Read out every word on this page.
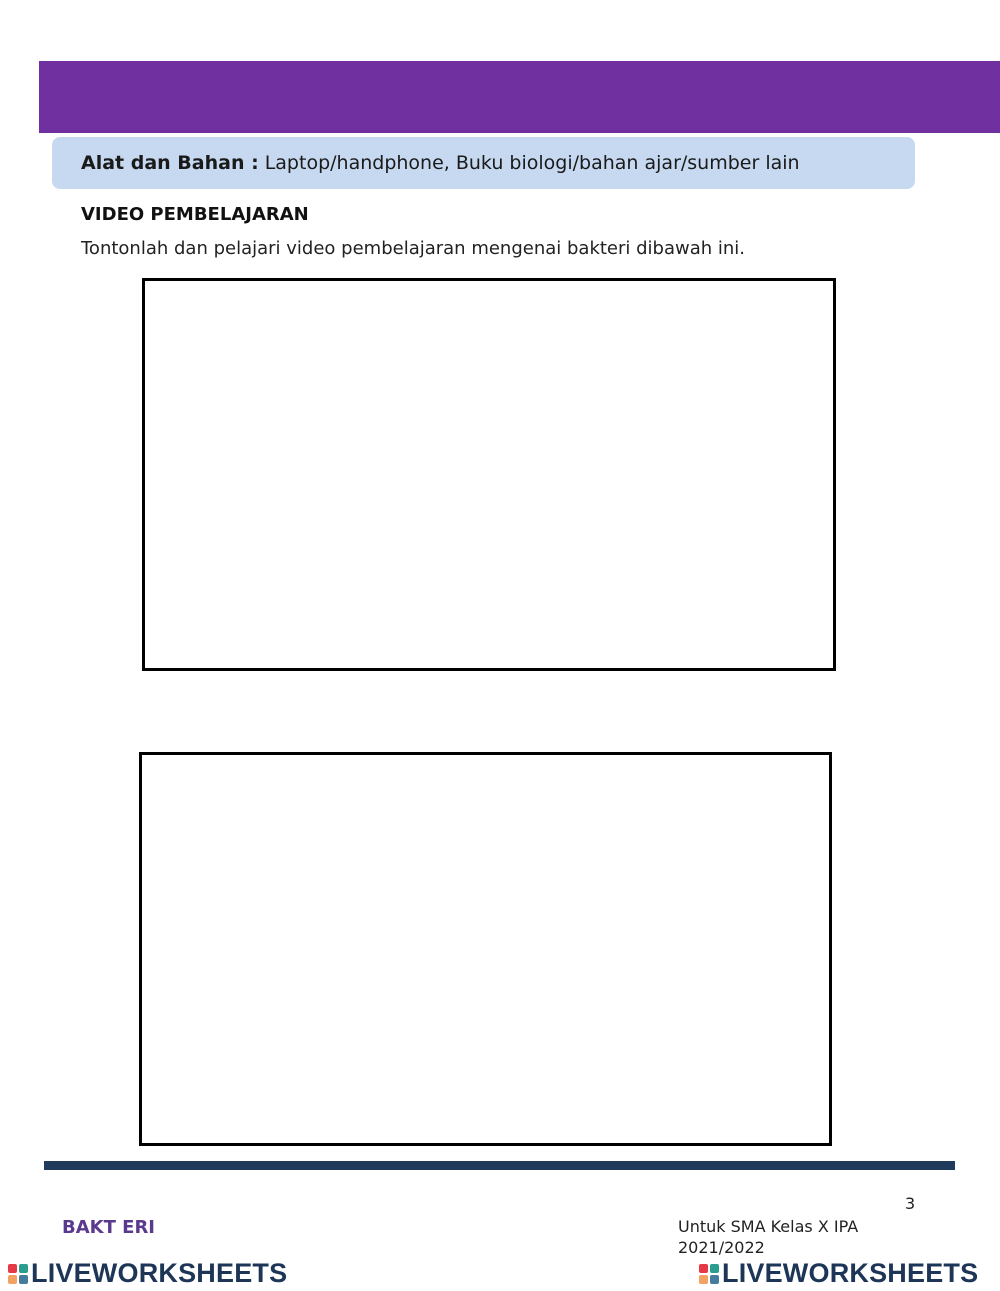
Alat dan Bahan : Laptop/handphone, Buku biologi/bahan ajar/sumber lain
VIDEO PEMBELAJARAN
Tontonlah dan pelajari video pembelajaran mengenai bakteri dibawah ini.
3
BAKT ERI	Untuk SMA Kelas X IPA
2021/2022
LIVEWORKSHEETS	LIVEWORKSHEETS
